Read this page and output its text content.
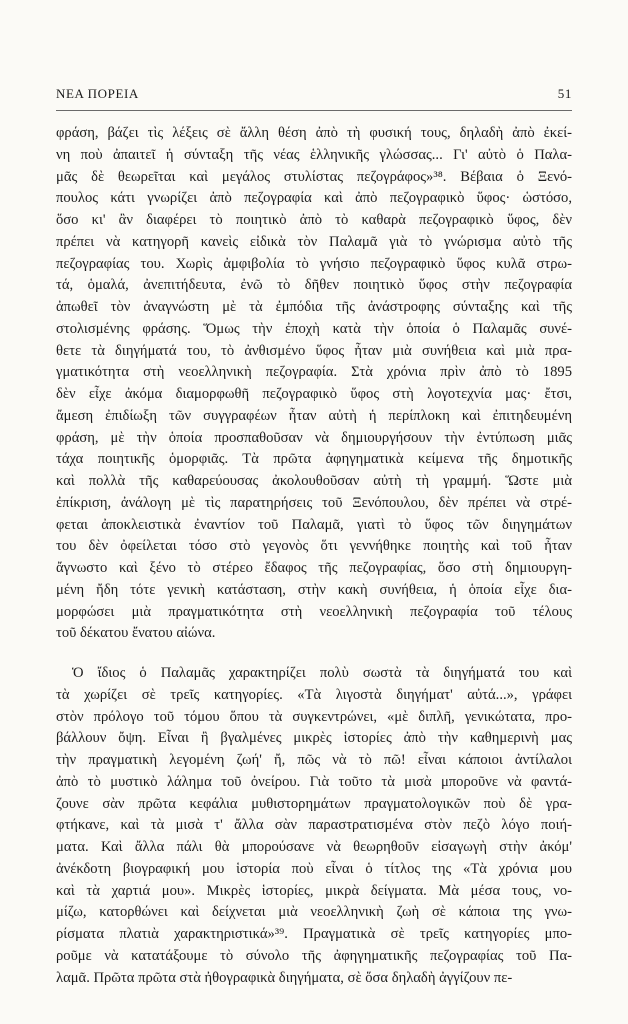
ΝΕΑ ΠΟΡΕΙΑ	51
φράση, βάζει τὶς λέξεις σὲ ἄλλη θέση ἀπὸ τὴ φυσική τους, δηλαδὴ ἀπὸ ἐκεί-
νη ποὺ ἀπαιτεῖ ἡ σύνταξη τῆς νέας ἑλληνικῆς γλώσσας... Γι' αὐτὸ ὁ Παλα-
μᾶς δὲ θεωρεῖται καὶ μεγάλος στυλίστας πεζογράφος»³⁸. Βέβαια ὁ Ξενό-
πουλος κάτι γνωρίζει ἀπὸ πεζογραφία καὶ ἀπὸ πεζογραφικὸ ὕφος· ὡστόσο,
ὅσο κι' ἂν διαφέρει τὸ ποιητικὸ ἀπὸ τὸ καθαρὰ πεζογραφικὸ ὕφος, δὲν
πρέπει νὰ κατηγορῆ κανεὶς εἰδικὰ τὸν Παλαμᾶ γιὰ τὸ γνώρισμα αὐτὸ τῆς
πεζογραφίας του. Χωρὶς ἀμφιβολία τὸ γνήσιο πεζογραφικὸ ὕφος κυλᾶ στρω-
τά, ὁμαλά, ἀνεπιτήδευτα, ἐνῶ τὸ δῆθεν ποιητικὸ ὕφος στὴν πεζογραφία
ἀπωθεῖ τὸν ἀναγνώστη μὲ τὰ ἐμπόδια τῆς ἀνάστροφης σύνταξης καὶ τῆς
στολισμένης φράσης. Ὅμως τὴν ἐποχὴ κατὰ τὴν ὁποία ὁ Παλαμᾶς συνέ-
θετε τὰ διηγήματά του, τὸ ἀνθισμένο ὕφος ἦταν μιὰ συνήθεια καὶ μιὰ πρα-
γματικότητα στὴ νεοελληνικὴ πεζογραφία. Στὰ χρόνια πρὶν ἀπὸ τὸ 1895
δὲν εἶχε ἀκόμα διαμορφωθῆ πεζογραφικὸ ὕφος στὴ λογοτεχνία μας· ἔτσι,
ἄμεση ἐπιδίωξη τῶν συγγραφέων ἦταν αὐτὴ ἡ περίπλοκη καὶ ἐπιτηδευμένη
φράση, μὲ τὴν ὁποία προσπαθοῦσαν νὰ δημιουργήσουν τὴν ἐντύπωση μιᾶς
τάχα ποιητικῆς ὁμορφιᾶς. Τὰ πρῶτα ἀφηγηματικὰ κείμενα τῆς δημοτικῆς
καὶ πολλὰ τῆς καθαρεύουσας ἀκολουθοῦσαν αὐτὴ τὴ γραμμή. Ὥστε μιὰ
ἐπίκριση, ἀνάλογη μὲ τὶς παρατηρήσεις τοῦ Ξενόπουλου, δὲν πρέπει νὰ στρέ-
φεται ἀποκλειστικὰ ἐναντίον τοῦ Παλαμᾶ, γιατὶ τὸ ὕφος τῶν διηγημάτων
του δὲν ὀφείλεται τόσο στὸ γεγονὸς ὅτι γεννήθηκε ποιητὴς καὶ τοῦ ἦταν
ἄγνωστο καὶ ξένο τὸ στέρεο ἔδαφος τῆς πεζογραφίας, ὅσο στὴ δημιουργη-
μένη ἤδη τότε γενικὴ κατάσταση, στὴν κακὴ συνήθεια, ἡ ὁποία εἶχε δια-
μορφώσει μιὰ πραγματικότητα στὴ νεοελληνικὴ πεζογραφία τοῦ τέλους
τοῦ δέκατου ἔνατου αἰώνα.
Ὁ ἴδιος ὁ Παλαμᾶς χαρακτηρίζει πολὺ σωστὰ τὰ διηγήματά του καὶ
τὰ χωρίζει σὲ τρεῖς κατηγορίες. «Τὰ λιγοστὰ διηγήματ' αὐτά...», γράφει
στὸν πρόλογο τοῦ τόμου ὅπου τὰ συγκεντρώνει, «μὲ διπλῆ, γενικώτατα, προ-
βάλλουν ὄψη. Εἶναι ἢ βγαλμένες μικρὲς ἱστορίες ἀπὸ τὴν καθημερινὴ μας
τὴν πραγματικὴ λεγομένη ζωή' ἤ, πῶς νὰ τὸ πῶ! εἶναι κάποιοι ἀντίλαλοι
ἀπὸ τὸ μυστικὸ λάλημα τοῦ ὀνείρου. Γιὰ τοῦτο τὰ μισὰ μποροῦνε νὰ φαντά-
ζουνε σὰν πρῶτα κεφάλια μυθιστορημάτων πραγματολογικῶν ποὺ δὲ γρα-
φτήκανε, καὶ τὰ μισὰ τ' ἄλλα σὰν παραστρατισμένα στὸν πεζὸ λόγο ποιή-
ματα. Καὶ ἄλλα πάλι θὰ μπορούσανε νὰ θεωρηθοῦν εἰσαγωγὴ στὴν ἀκόμ'
ἀνέκδοτη βιογραφική μου ἱστορία ποὺ εἶναι ὁ τίτλος της «Τὰ χρόνια μου
καὶ τὰ χαρτιά μου». Μικρὲς ἱστορίες, μικρὰ δείγματα. Μὰ μέσα τους, νο-
μίζω, κατορθώνει καὶ δείχνεται μιὰ νεοελληνικὴ ζωὴ σὲ κάποια της γνω-
ρίσματα πλατιὰ χαρακτηριστικά»³⁹. Πραγματικὰ σὲ τρεῖς κατηγορίες μπο-
ροῦμε νὰ κατατάξουμε τὸ σύνολο τῆς ἀφηγηματικῆς πεζογραφίας τοῦ Πα-
λαμᾶ. Πρῶτα πρῶτα στὰ ἠθογραφικὰ διηγήματα, σὲ ὅσα δηλαδὴ ἀγγίζουν πε-
